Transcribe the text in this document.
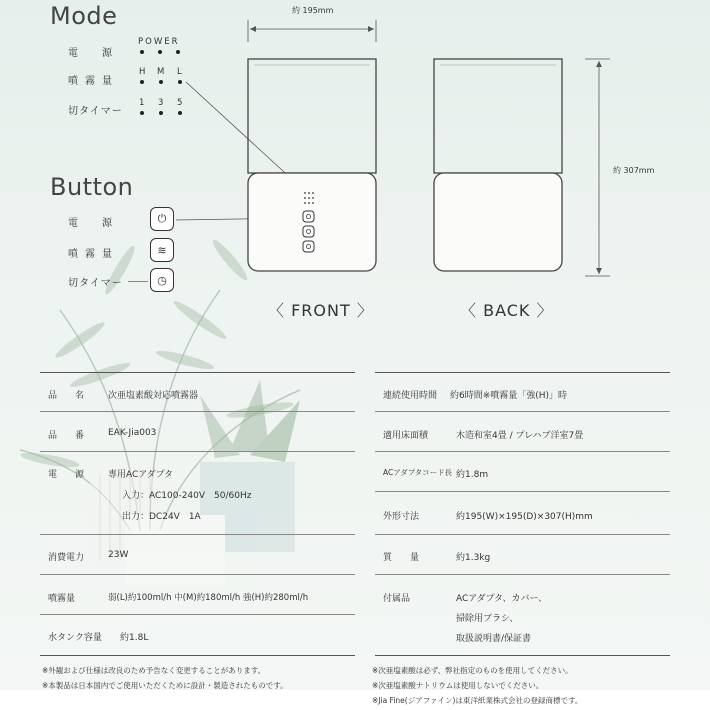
Mode
電　源
POWER
噴霧量
H M L
切タイマー
1 3 5
Button
電　源
噴霧量
切タイマー
⏻
≋
◷
約 195mm
約 307mm
〈 FRONT 〉	〈 BACK 〉
品　　名	次亜塩素酸対応噴霧器
品　　番	EAK-Jia003
電　　源	専用ACアダプタ
入力：AC100-240V　50/60Hz
出力：DC24V　1A
消費電力	23W
噴霧量	弱(L)約100ml/h 中(M)約180ml/h 強(H)約280ml/h
水タンク容量 約1.8L
連続使用時間 約6時間※噴霧量「強(H)」時
適用床面積	木造和室4畳 / プレハブ洋室7畳
ACアダプタコード長 約1.8m
外形寸法	約195(W)×195(D)×307(H)mm
質　　量	約1.3kg
付属品	ACアダプタ、カバー、
掃除用ブラシ、
取扱説明書/保証書
※外観および仕様は改良のため予告なく変更することがあります。
※本製品は日本国内でご使用いただくために設計・製造されたものです。
※次亜塩素酸は必ず、弊社指定のものを使用してください。
※次亜塩素酸ナトリウムは使用しないでください。
※Jia Fine(ジアファイン)は東洋紙業株式会社の登録商標です。
